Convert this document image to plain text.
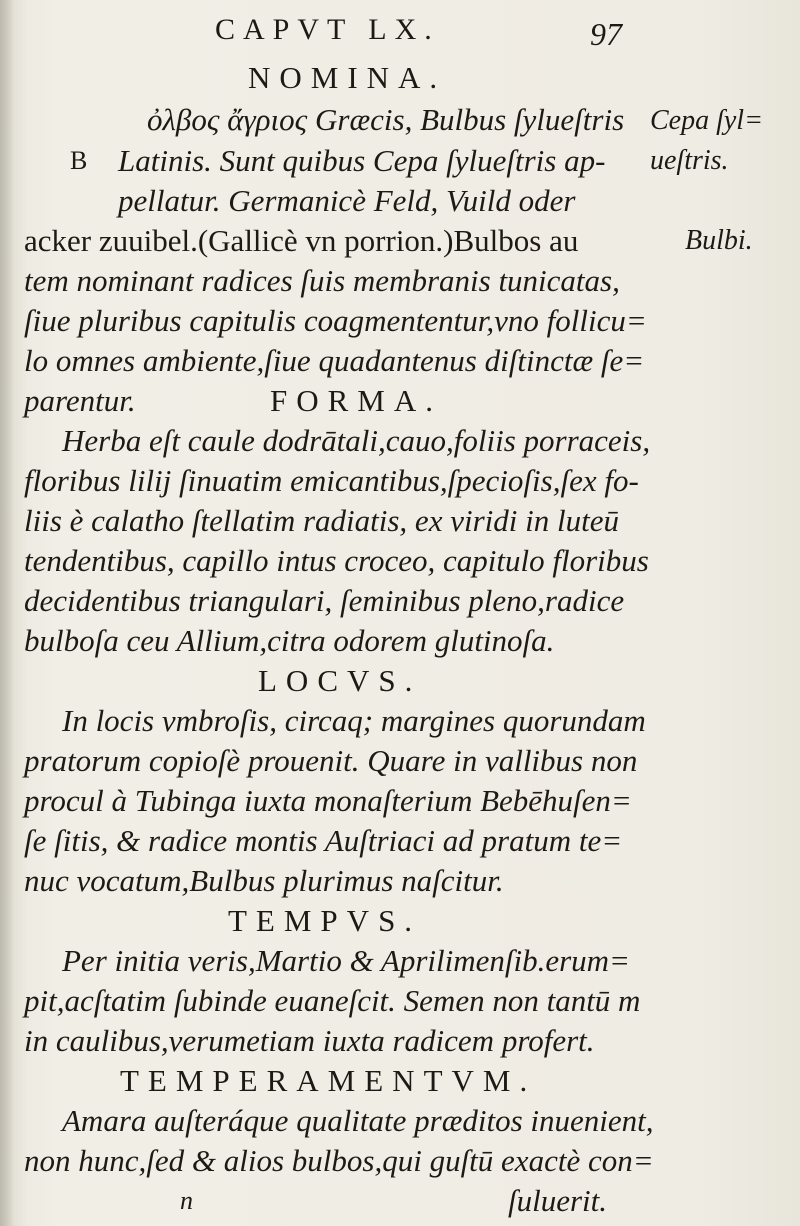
CAPVT LX.	97
NOMINA.
ὀλβος ἄγριος Græcis, Bulbus ſylueſtris
B Latinis. Sunt quibus Cepa ſylueſtris ap-
pellatur. Germanicè Feld, Vuild oder
acker zuuibel.(Gallicè vn porrion.)Bulbos au
tem nominant radices ſuis membranis tunicatas,
ſiue pluribus capitulis coagmententur,vno follicu=
lo omnes ambiente,ſiue quadantenus diſtinctæ ſe=
parentur.	FORMA.
Herba eſt caule dodrātali,cauo,foliis porraceis,
floribus lilij ſinuatim emicantibus,ſpecioſis,ſex fo-
liis è calatho ſtellatim radiatis, ex viridi in luteū
tendentibus, capillo intus croceo, capitulo floribus
decidentibus triangulari, ſeminibus pleno,radice
bulboſa ceu Allium,citra odorem glutinoſa.
LOCVS.
In locis vmbroſis, circaq; margines quorundam
pratorum copioſè prouenit. Quare in vallibus non
procul à Tubinga iuxta monaſterium Bebēhuſen=
ſe ſitis, & radice montis Auſtriaci ad pratum te=
nuc vocatum,Bulbus plurimus naſcitur.
TEMPVS.
Per initia veris,Martio & Aprilimenſib.erum=
pit,acſtatim ſubinde euaneſcit. Semen non tantū m
in caulibus,verumetiam iuxta radicem profert.
TEMPERAMENTVM.
Amara auſteráque qualitate præditos inuenient,
non hunc,ſed & alios bulbos,qui guſtū exactè con=
n	ſuluerit.
Cepa ſyl=
ueſtris.
Bulbi.
